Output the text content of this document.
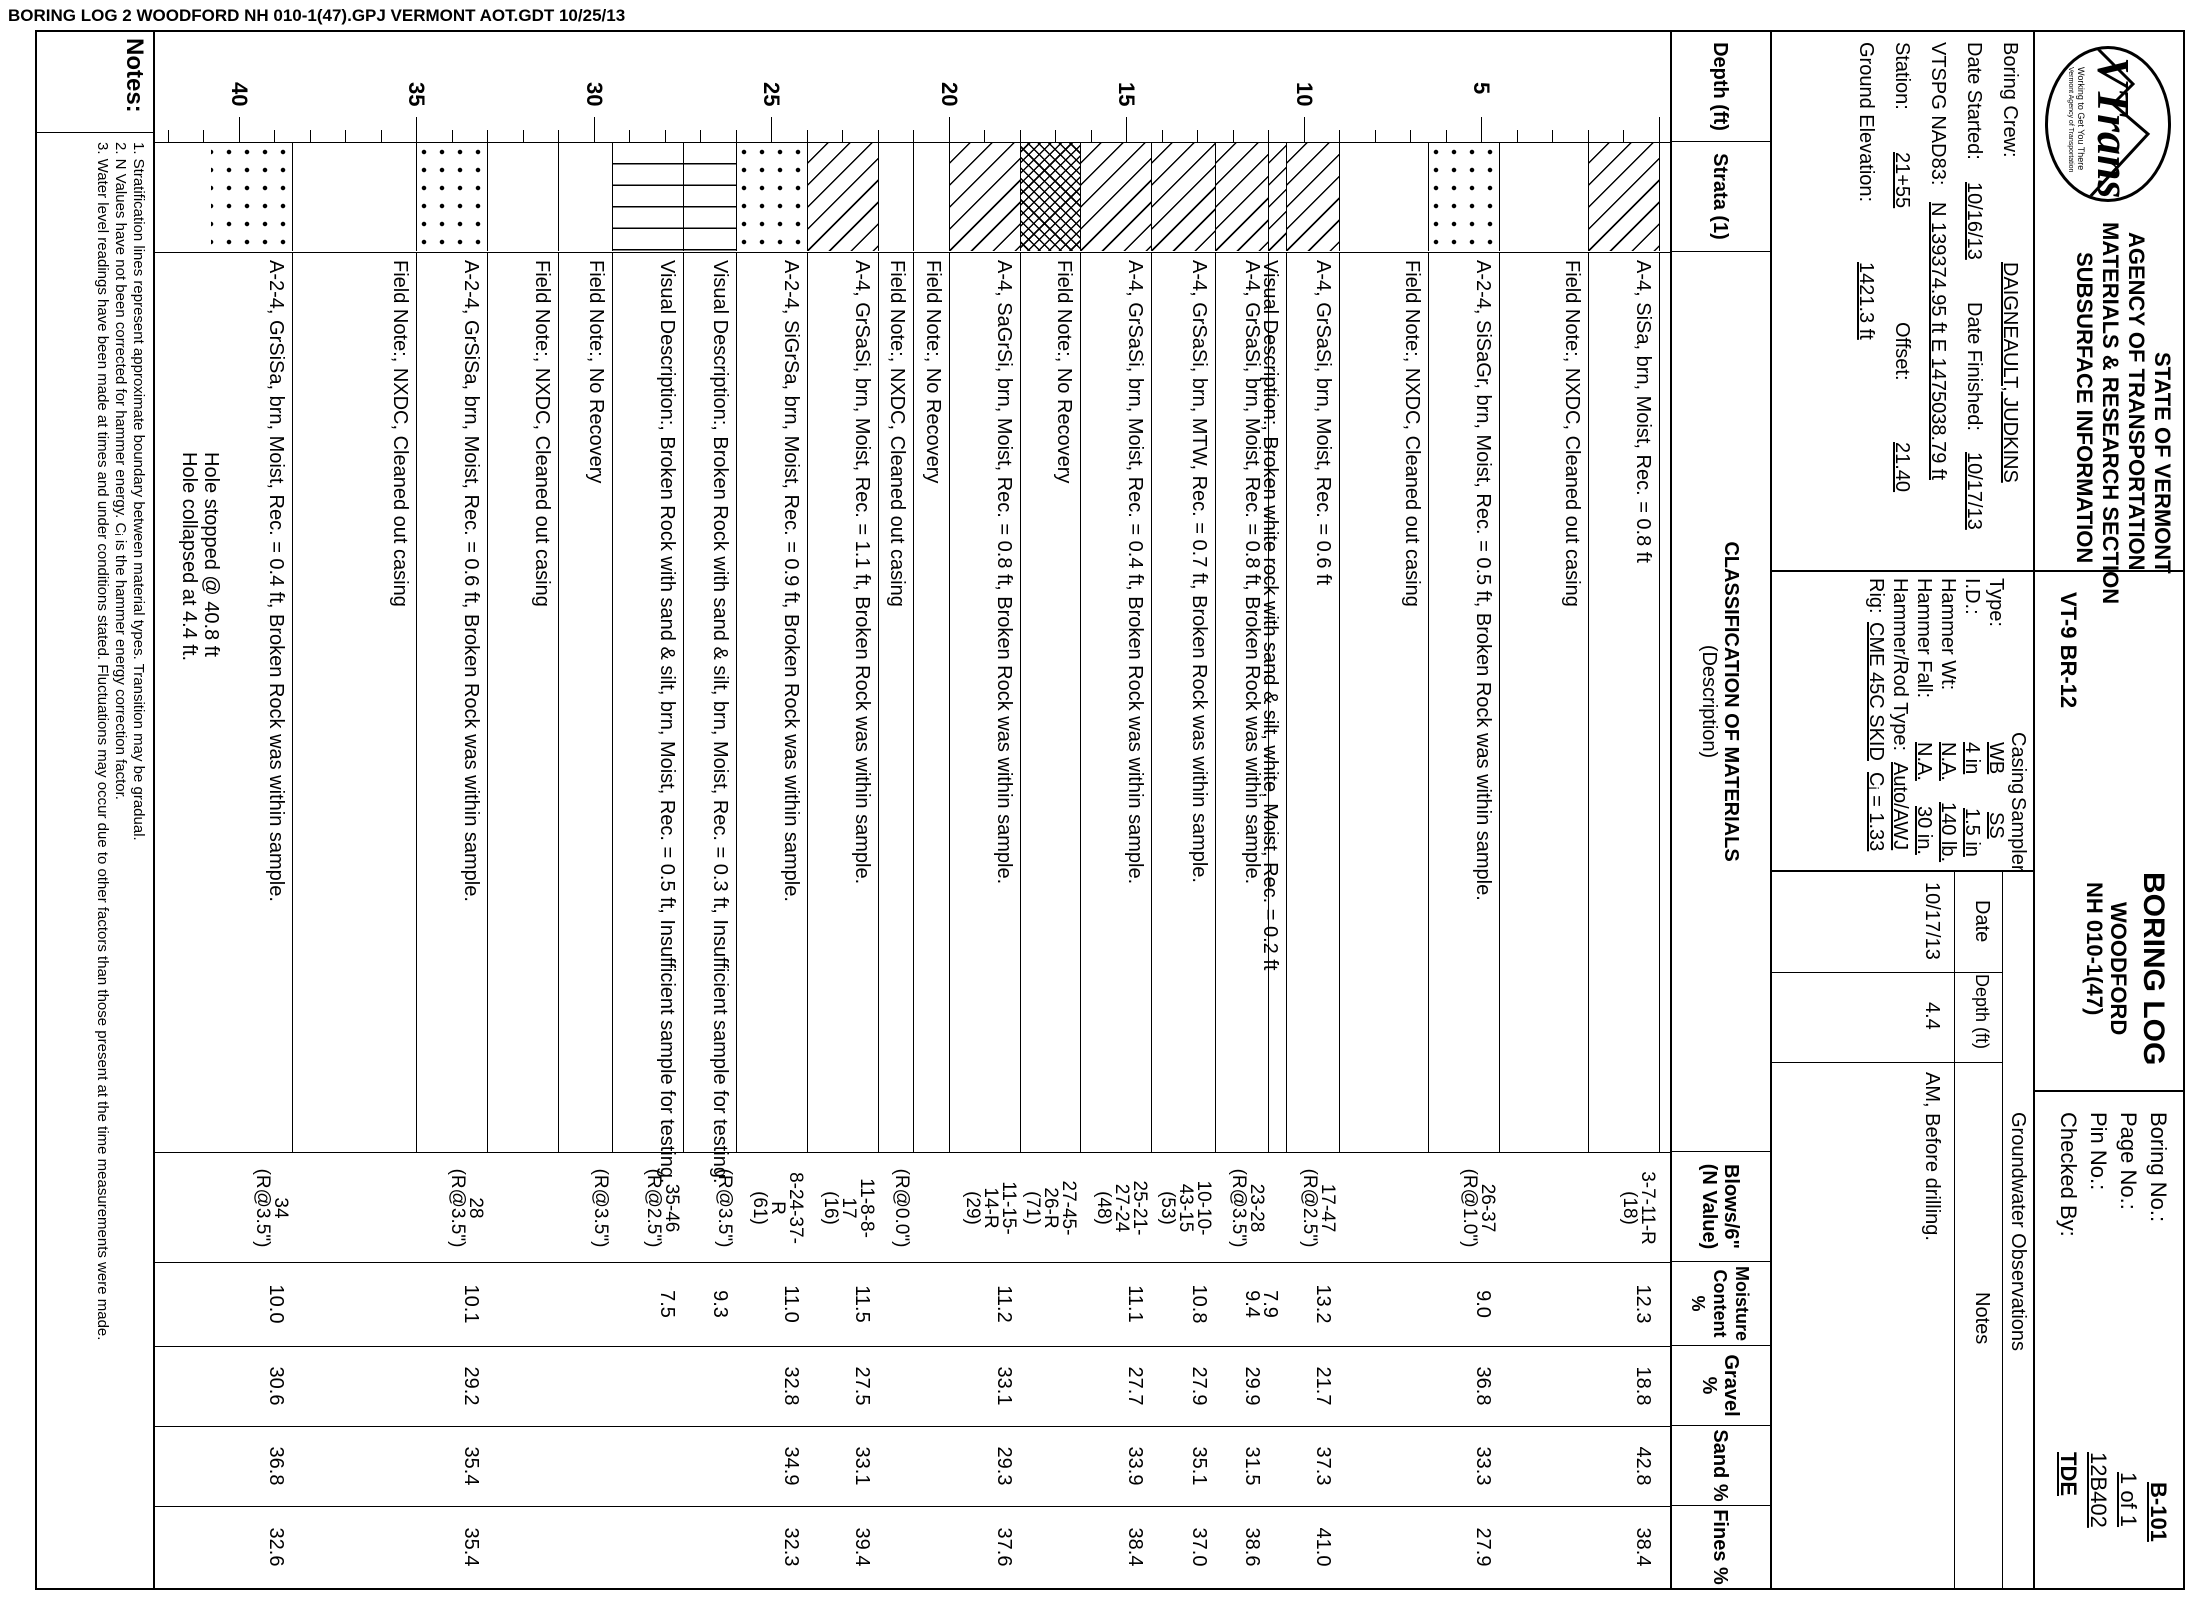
BORING LOG 2 WOODFORD NH 010-1(47).GPJ VERMONT AOT.GDT 10/25/13
VTrans
Working to Get You There
Vermont Agency of Transportation
STATE OF VERMONT
AGENCY OF TRANSPORTATION
MATERIALS & RESEARCH SECTION
SUBSURFACE INFORMATION
BORING LOG
WOODFORD
NH 010-1(47)
VT-9 BR-12
Boring No.:
B-101
Page No.:
1 of 1
Pin No.:
12B402
Checked By:
TDE
Boring Crew:
DAIGNEAULT, JUDKINS
Date Started:
10/16/13
Date Finished:
10/17/13
VTSPG NAD83:
N 139374.95 ft E 1475038.79 ft
Station:
21+55
Offset:
21.40
Ground Elevation:
1421.3 ft
Casing
Sampler
Type:
WB
SS
I.D.:
4 in
1.5 in
Hammer Wt:
N.A.
140 lb.
Hammer Fall:
N.A.
30 in.
Hammer/Rod Type:
Auto/AWJ
Rig:
CME 45C SKID
Cᵢ = 1.33
Groundwater Observations
Date
Depth (ft)
Notes
10/17/13
4.4
AM, Before drilling.
Depth (ft)
Strata (1)
CLASSIFICATION OF MATERIALS
(Description)
Blows/6" (N Value)
Moisture Content %
Gravel %
Sand %
Fines %
5
10
15
20
25
30
35
40
A-4, SiSa, brn, Moist, Rec. = 0.8 ft
3-7-11-R
(18)
12.3
18.8
42.8
38.4
Field Note:, NXDC, Cleaned out casing
A-2-4, SiSaGr, brn, Moist, Rec. = 0.5 ft, Broken Rock was within sample.
26-37
(R@1.0")
9.0
36.8
33.3
27.9
Field Note:, NXDC, Cleaned out casing
A-4, GrSaSi, brn, Moist, Rec. = 0.6 ft
17-47
(R@2.5")
13.2
21.7
37.3
41.0
Visual Description:, Broken white rock with sand & silt, white, Moist, Rec. = 0.2 ft
7.9
A-4, GrSaSi, brn, Moist, Rec. = 0.8 ft, Broken Rock was within sample.
23-28
(R@3.5")
9.4
29.9
31.5
38.6
A-4, GrSaSi, brn, MTW, Rec. = 0.7 ft, Broken Rock was within sample.
10-10-
43-15
(53)
10.8
27.9
35.1
37.0
A-4, GrSaSi, brn, Moist, Rec. = 0.4 ft, Broken Rock was within sample.
25-21-
27-24
(48)
11.1
27.7
33.9
38.4
Field Note:, No Recovery
27-45-
26-R
(71)
A-4, SaGrSi, brn, Moist, Rec. = 0.8 ft, Broken Rock was within sample.
11-15-
14-R
(29)
11.2
33.1
29.3
37.6
Field Note:, No Recovery
Field Note:, NXDC, Cleaned out casing
(R@0.0")
A-4, GrSaSi, brn, Moist, Rec. = 1.1 ft, Broken Rock was within sample.
11-8-8-
17
(16)
11.5
27.5
33.1
39.4
A-2-4, SiGrSa, brn, Moist, Rec. = 0.9 ft, Broken Rock was within sample.
8-24-37-
R
(61)
11.0
32.8
34.9
32.3
Visual Description:, Broken Rock with sand & silt, brn, Moist, Rec. = 0.3 ft, Insufficient sample for testing.
(R@3.5")
9.3
Visual Description:, Broken Rock with sand & silt, brn, Moist, Rec. = 0.5 ft, Insufficient sample for testing.
35-46
(R@2.5")
7.5
Field Note:, No Recovery
(R@3.5")
Field Note:, NXDC, Cleaned out casing
A-2-4, GrSiSa, brn, Moist, Rec. = 0.6 ft, Broken Rock was within sample.
28
(R@3.5")
10.1
29.2
35.4
35.4
Field Note:, NXDC, Cleaned out casing
A-2-4, GrSiSa, brn, Moist, Rec. = 0.4 ft, Broken Rock was within sample.
34
(R@3.5")
10.0
30.6
36.8
32.6
Hole stopped @ 40.8 ft
Hole collapsed at 4.4 ft.
Notes:
1. Stratification lines represent approximate boundary between material types. Transition may be gradual.
2. N Values have not been corrected for hammer energy. Cᵢ is the hammer energy correction factor.
3. Water level readings have been made at times and under conditions stated. Fluctuations may occur due to other factors than those present at the time measurements were made.
